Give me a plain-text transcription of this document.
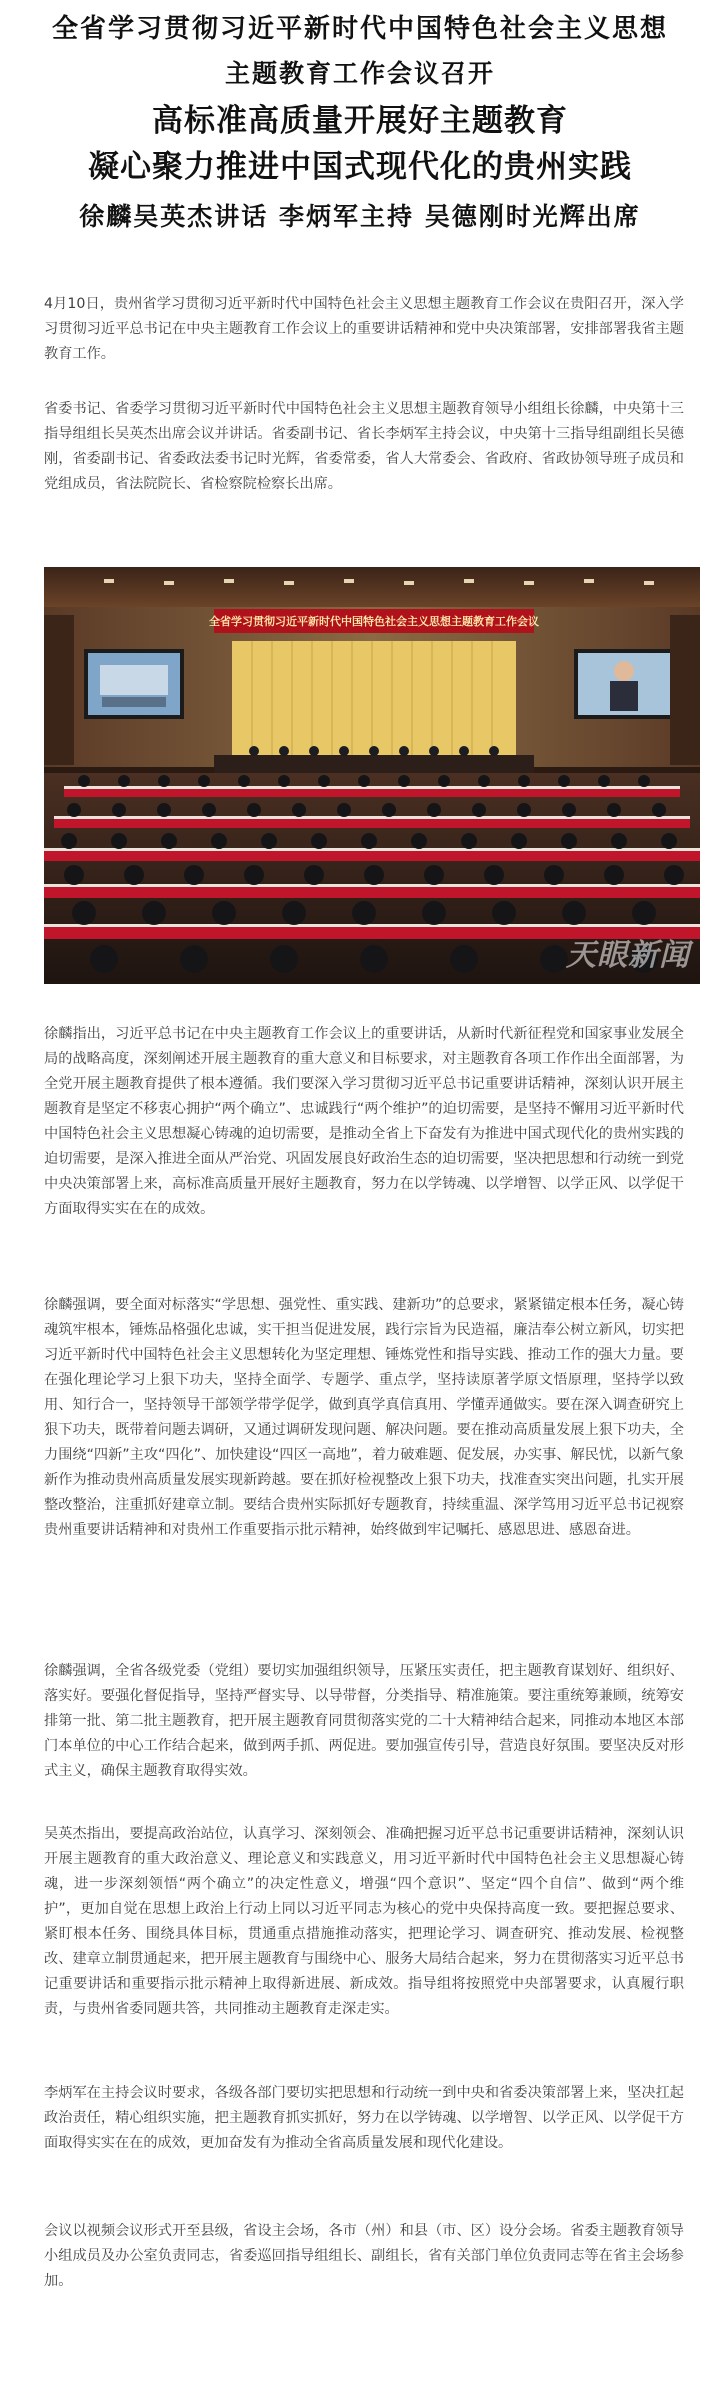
全省学习贯彻习近平新时代中国特色社会主义思想
主题教育工作会议召开
高标准高质量开展好主题教育
凝心聚力推进中国式现代化的贵州实践
徐麟吴英杰讲话 李炳军主持 吴德刚时光辉出席

4月10日，贵州省学习贯彻习近平新时代中国特色社会主义思想主题教育工作会议在贵阳召开，深入学习贯彻习近平总书记在中央主题教育工作会议上的重要讲话精神和党中央决策部署，安排部署我省主题教育工作。

省委书记、省委学习贯彻习近平新时代中国特色社会主义思想主题教育领导小组组长徐麟，中央第十三指导组组长吴英杰出席会议并讲话。省委副书记、省长李炳军主持会议，中央第十三指导组副组长吴德刚，省委副书记、省委政法委书记时光辉，省委常委，省人大常委会、省政府、省政协领导班子成员和党组成员，省法院院长、省检察院检察长出席。

全省学习贯彻习近平新时代中国特色社会主义思想主题教育工作会议
天眼新闻

徐麟指出，习近平总书记在中央主题教育工作会议上的重要讲话，从新时代新征程党和国家事业发展全局的战略高度，深刻阐述开展主题教育的重大意义和目标要求，对主题教育各项工作作出全面部署，为全党开展主题教育提供了根本遵循。我们要深入学习贯彻习近平总书记重要讲话精神，深刻认识开展主题教育是坚定不移衷心拥护“两个确立”、忠诚践行“两个维护”的迫切需要，是坚持不懈用习近平新时代中国特色社会主义思想凝心铸魂的迫切需要，是推动全省上下奋发有为推进中国式现代化的贵州实践的迫切需要，是深入推进全面从严治党、巩固发展良好政治生态的迫切需要，坚决把思想和行动统一到党中央决策部署上来，高标准高质量开展好主题教育，努力在以学铸魂、以学增智、以学正风、以学促干方面取得实实在在的成效。

徐麟强调，要全面对标落实“学思想、强党性、重实践、建新功”的总要求，紧紧锚定根本任务，凝心铸魂筑牢根本，锤炼品格强化忠诚，实干担当促进发展，践行宗旨为民造福，廉洁奉公树立新风，切实把习近平新时代中国特色社会主义思想转化为坚定理想、锤炼党性和指导实践、推动工作的强大力量。要在强化理论学习上狠下功夫，坚持全面学、专题学、重点学，坚持读原著学原文悟原理，坚持学以致用、知行合一，坚持领导干部领学带学促学，做到真学真信真用、学懂弄通做实。要在深入调查研究上狠下功夫，既带着问题去调研，又通过调研发现问题、解决问题。要在推动高质量发展上狠下功夫，全力围绕“四新”主攻“四化”、加快建设“四区一高地”，着力破难题、促发展，办实事、解民忧，以新气象新作为推动贵州高质量发展实现新跨越。要在抓好检视整改上狠下功夫，找准查实突出问题，扎实开展整改整治，注重抓好建章立制。要结合贵州实际抓好专题教育，持续重温、深学笃用习近平总书记视察贵州重要讲话精神和对贵州工作重要指示批示精神，始终做到牢记嘱托、感恩思进、感恩奋进。

徐麟强调，全省各级党委（党组）要切实加强组织领导，压紧压实责任，把主题教育谋划好、组织好、落实好。要强化督促指导，坚持严督实导、以导带督，分类指导、精准施策。要注重统筹兼顾，统筹安排第一批、第二批主题教育，把开展主题教育同贯彻落实党的二十大精神结合起来，同推动本地区本部门本单位的中心工作结合起来，做到两手抓、两促进。要加强宣传引导，营造良好氛围。要坚决反对形式主义，确保主题教育取得实效。

吴英杰指出，要提高政治站位，认真学习、深刻领会、准确把握习近平总书记重要讲话精神，深刻认识开展主题教育的重大政治意义、理论意义和实践意义，用习近平新时代中国特色社会主义思想凝心铸魂，进一步深刻领悟“两个确立”的决定性意义，增强“四个意识”、坚定“四个自信”、做到“两个维护”，更加自觉在思想上政治上行动上同以习近平同志为核心的党中央保持高度一致。要把握总要求、紧盯根本任务、围绕具体目标，贯通重点措施推动落实，把理论学习、调查研究、推动发展、检视整改、建章立制贯通起来，把开展主题教育与围绕中心、服务大局结合起来，努力在贯彻落实习近平总书记重要讲话和重要指示批示精神上取得新进展、新成效。指导组将按照党中央部署要求，认真履行职责，与贵州省委同题共答，共同推动主题教育走深走实。

李炳军在主持会议时要求，各级各部门要切实把思想和行动统一到中央和省委决策部署上来，坚决扛起政治责任，精心组织实施，把主题教育抓实抓好，努力在以学铸魂、以学增智、以学正风、以学促干方面取得实实在在的成效，更加奋发有为推动全省高质量发展和现代化建设。

会议以视频会议形式开至县级，省设主会场，各市（州）和县（市、区）设分会场。省委主题教育领导小组成员及办公室负责同志，省委巡回指导组组长、副组长，省有关部门单位负责同志等在省主会场参加。
